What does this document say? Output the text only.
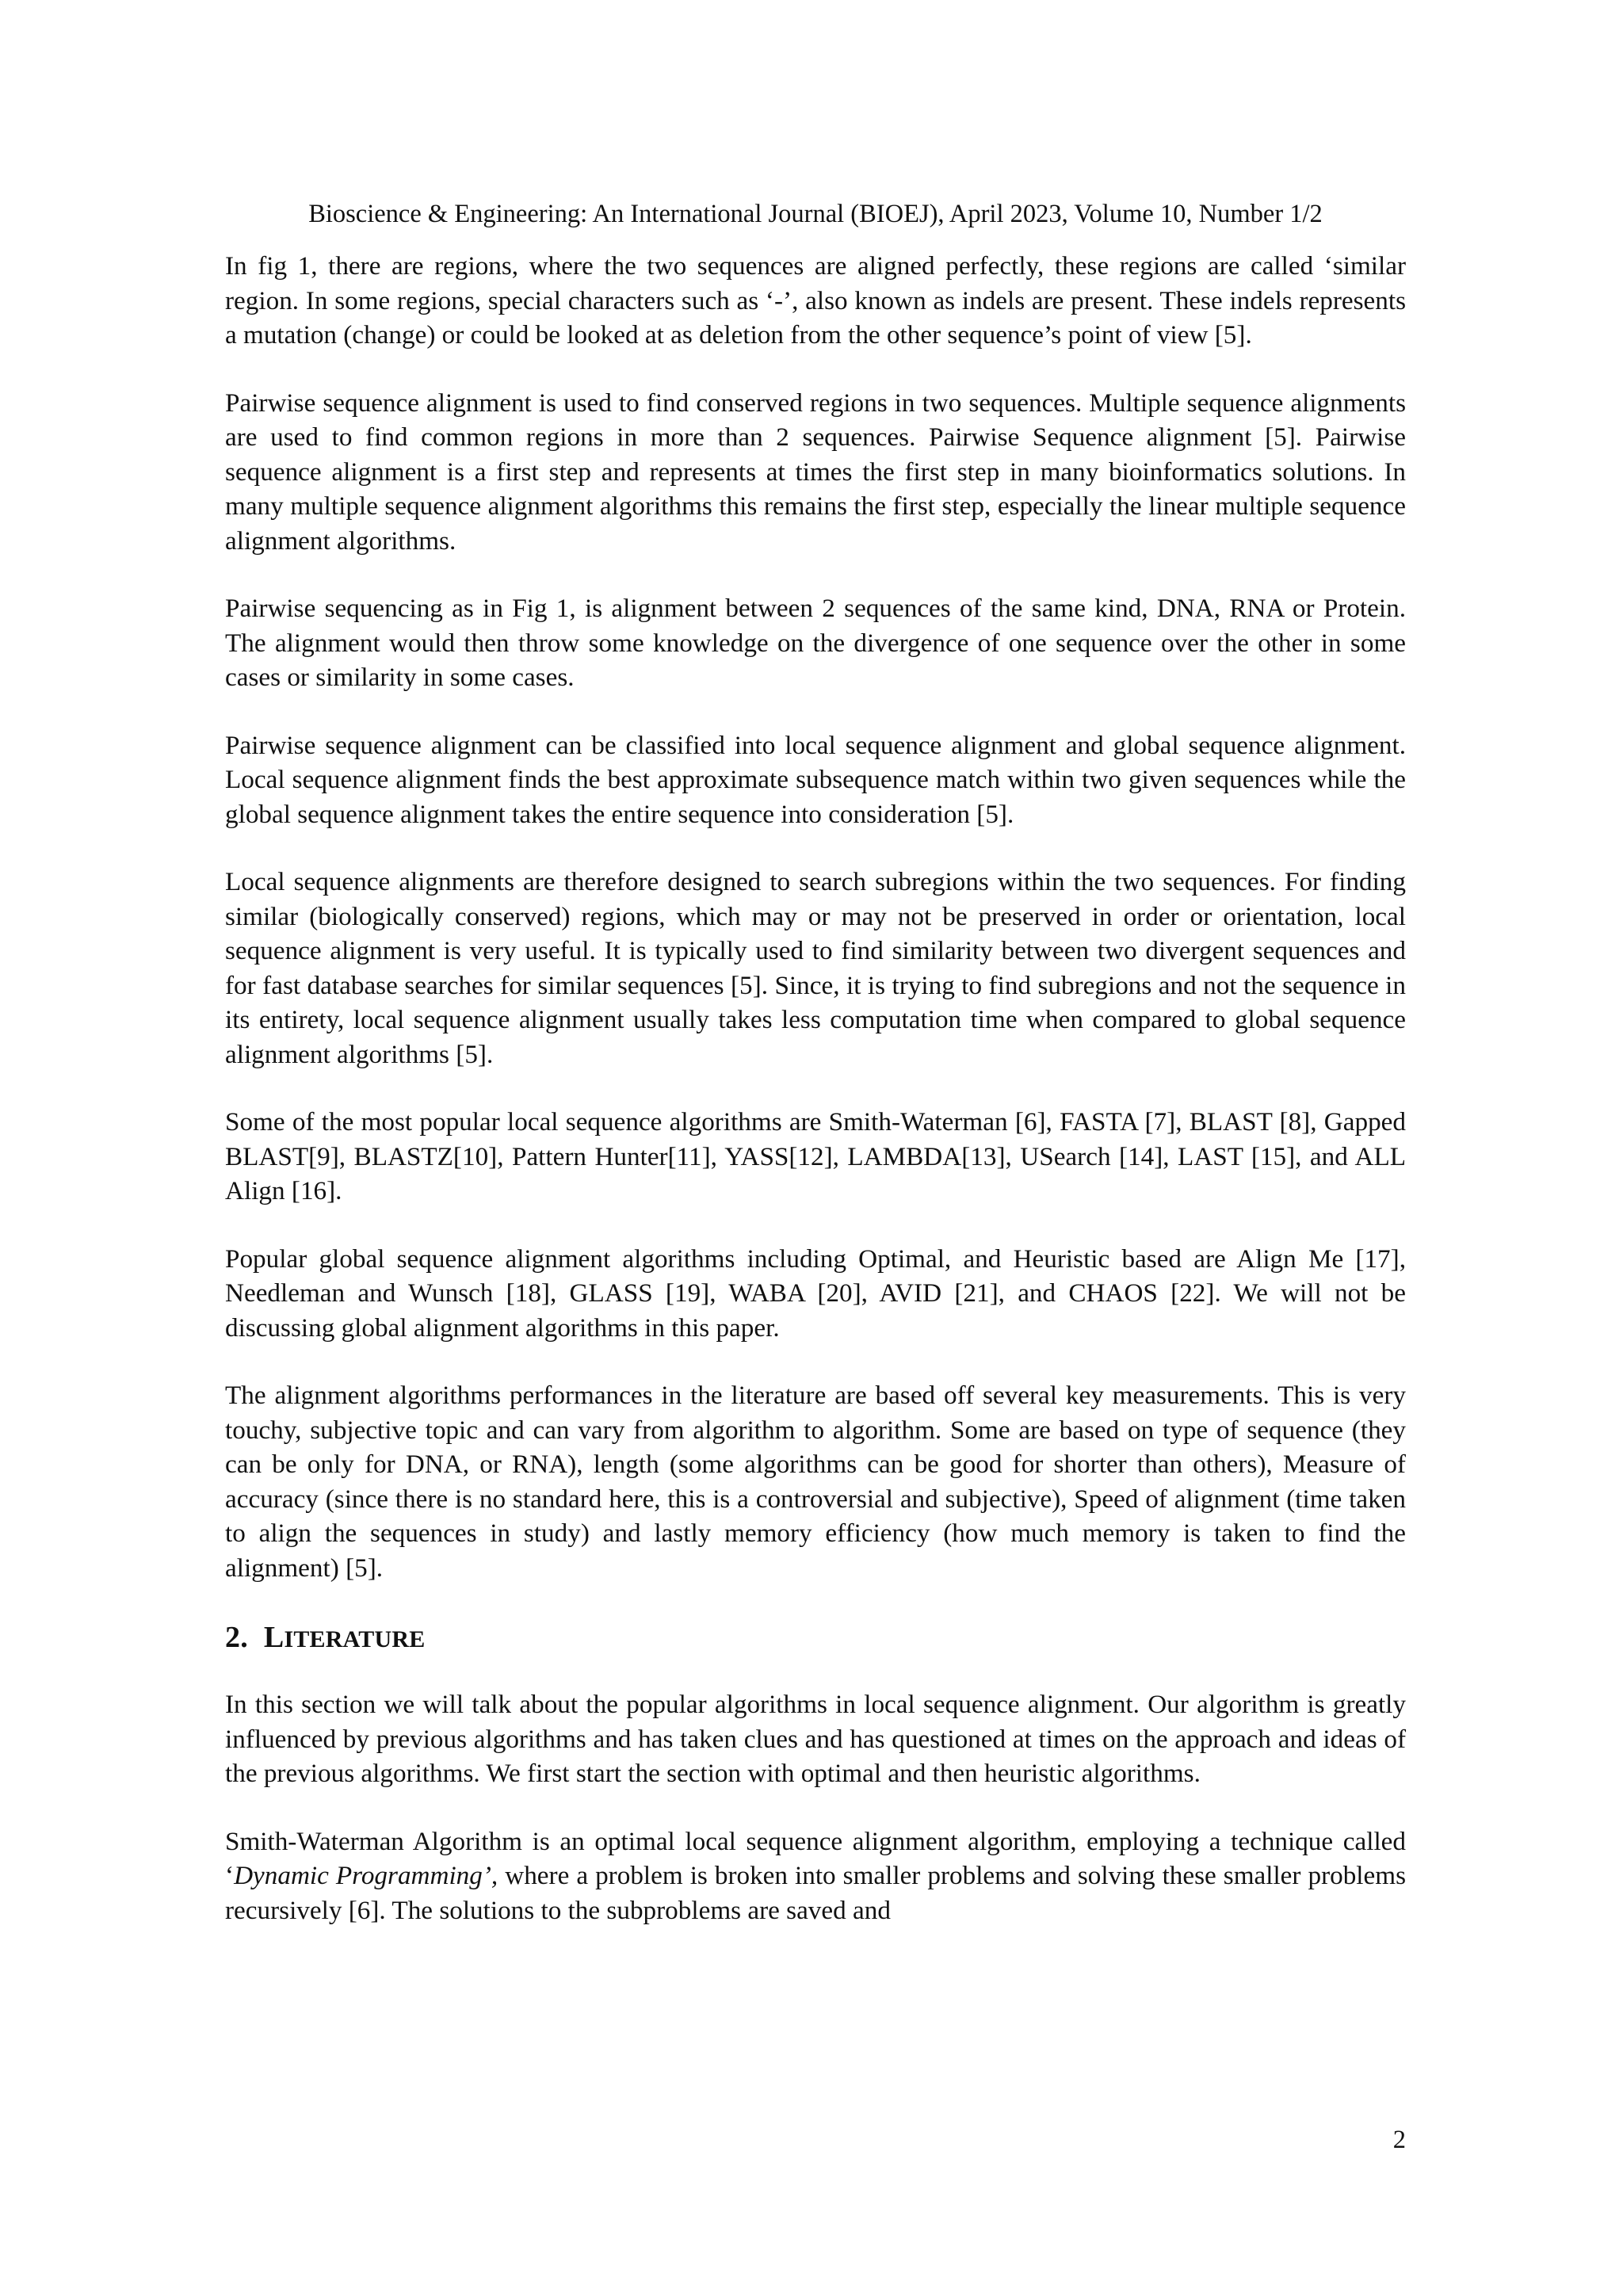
Bioscience & Engineering: An International Journal (BIOEJ), April 2023, Volume 10, Number 1/2

In fig 1, there are regions, where the two sequences are aligned perfectly, these regions are called ‘similar region. In some regions, special characters such as ‘-’, also known as indels are present. These indels represents a mutation (change) or could be looked at as deletion from the other sequence’s point of view [5].

Pairwise sequence alignment is used to find conserved regions in two sequences. Multiple sequence alignments are used to find common regions in more than 2 sequences. Pairwise Sequence alignment [5]. Pairwise sequence alignment is a first step and represents at times the first step in many bioinformatics solutions. In many multiple sequence alignment algorithms this remains the first step, especially the linear multiple sequence alignment algorithms.

Pairwise sequencing as in Fig 1, is alignment between 2 sequences of the same kind, DNA, RNA or Protein. The alignment would then throw some knowledge on the divergence of one sequence over the other in some cases or similarity in some cases.

Pairwise sequence alignment can be classified into local sequence alignment and global sequence alignment. Local sequence alignment finds the best approximate subsequence match within two given sequences while the global sequence alignment takes the entire sequence into consideration [5].

Local sequence alignments are therefore designed to search subregions within the two sequences. For finding similar (biologically conserved) regions, which may or may not be preserved in order or orientation, local sequence alignment is very useful. It is typically used to find similarity between two divergent sequences and for fast database searches for similar sequences [5]. Since, it is trying to find subregions and not the sequence in its entirety, local sequence alignment usually takes less computation time when compared to global sequence alignment algorithms [5].

Some of the most popular local sequence algorithms are Smith-Waterman [6], FASTA [7], BLAST [8], Gapped BLAST[9], BLASTZ[10], Pattern Hunter[11], YASS[12], LAMBDA[13], USearch [14], LAST [15], and ALL Align [16].

Popular global sequence alignment algorithms including Optimal, and Heuristic based are Align Me [17], Needleman and Wunsch [18], GLASS [19], WABA [20], AVID [21], and CHAOS [22]. We will not be discussing global alignment algorithms in this paper.

The alignment algorithms performances in the literature are based off several key measurements. This is very touchy, subjective topic and can vary from algorithm to algorithm. Some are based on type of sequence (they can be only for DNA, or RNA), length (some algorithms can be good for shorter than others), Measure of accuracy (since there is no standard here, this is a controversial and subjective), Speed of alignment (time taken to align the sequences in study) and lastly memory efficiency (how much memory is taken to find the alignment) [5].

2. LITERATURE

In this section we will talk about the popular algorithms in local sequence alignment. Our algorithm is greatly influenced by previous algorithms and has taken clues and has questioned at times on the approach and ideas of the previous algorithms. We first start the section with optimal and then heuristic algorithms.

Smith-Waterman Algorithm is an optimal local sequence alignment algorithm, employing a technique called ‘Dynamic Programming’, where a problem is broken into smaller problems and solving these smaller problems recursively [6]. The solutions to the subproblems are saved and

2
